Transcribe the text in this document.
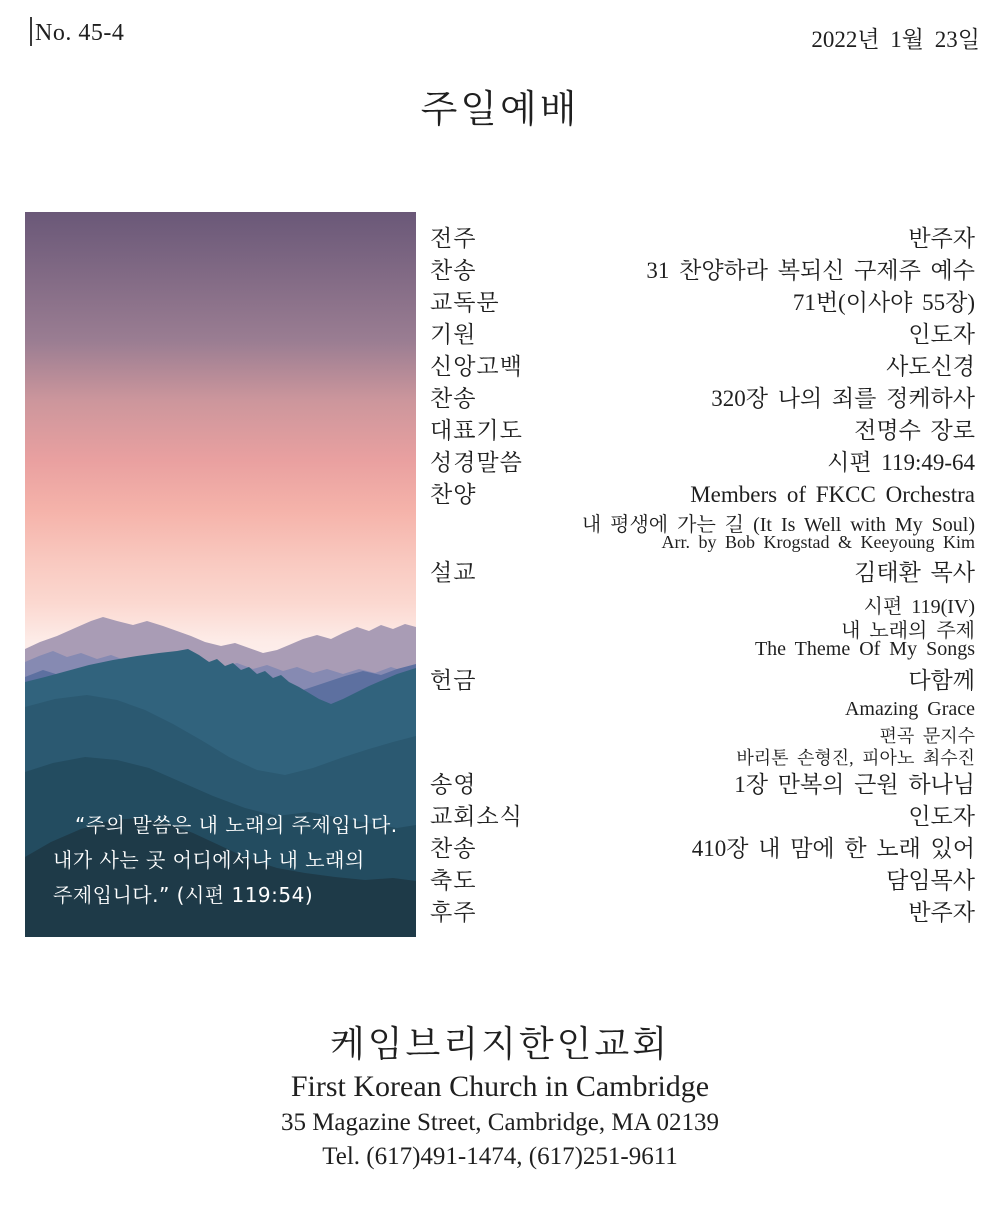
No. 45-4	2022년 1월 23일
주일예배
“주의 말씀은 내 노래의 주제입니다.
내가 사는 곳 어디에서나 내 노래의
주제입니다.” (시편 119:54)
전주	반주자
찬송	31 찬양하라 복되신 구제주 예수
교독문	71번(이사야 55장)
기원	인도자
신앙고백	사도신경
찬송	320장 나의 죄를 정케하사
대표기도	전명수 장로
성경말씀	시편 119:49-64
찬양	Members of FKCC Orchestra
내 평생에 가는 길 (It Is Well with My Soul)
Arr. by Bob Krogstad & Keeyoung Kim
설교	김태환 목사
시편 119(IV)
내 노래의 주제
The Theme Of My Songs
헌금	다함께
Amazing Grace
편곡 문지수
바리톤 손형진, 피아노 최수진
송영	1장 만복의 근원 하나님
교회소식	인도자
찬송	410장 내 맘에 한 노래 있어
축도	담임목사
후주	반주자
케임브리지한인교회
First Korean Church in Cambridge
35 Magazine Street, Cambridge, MA 02139
Tel. (617)491-1474, (617)251-9611
